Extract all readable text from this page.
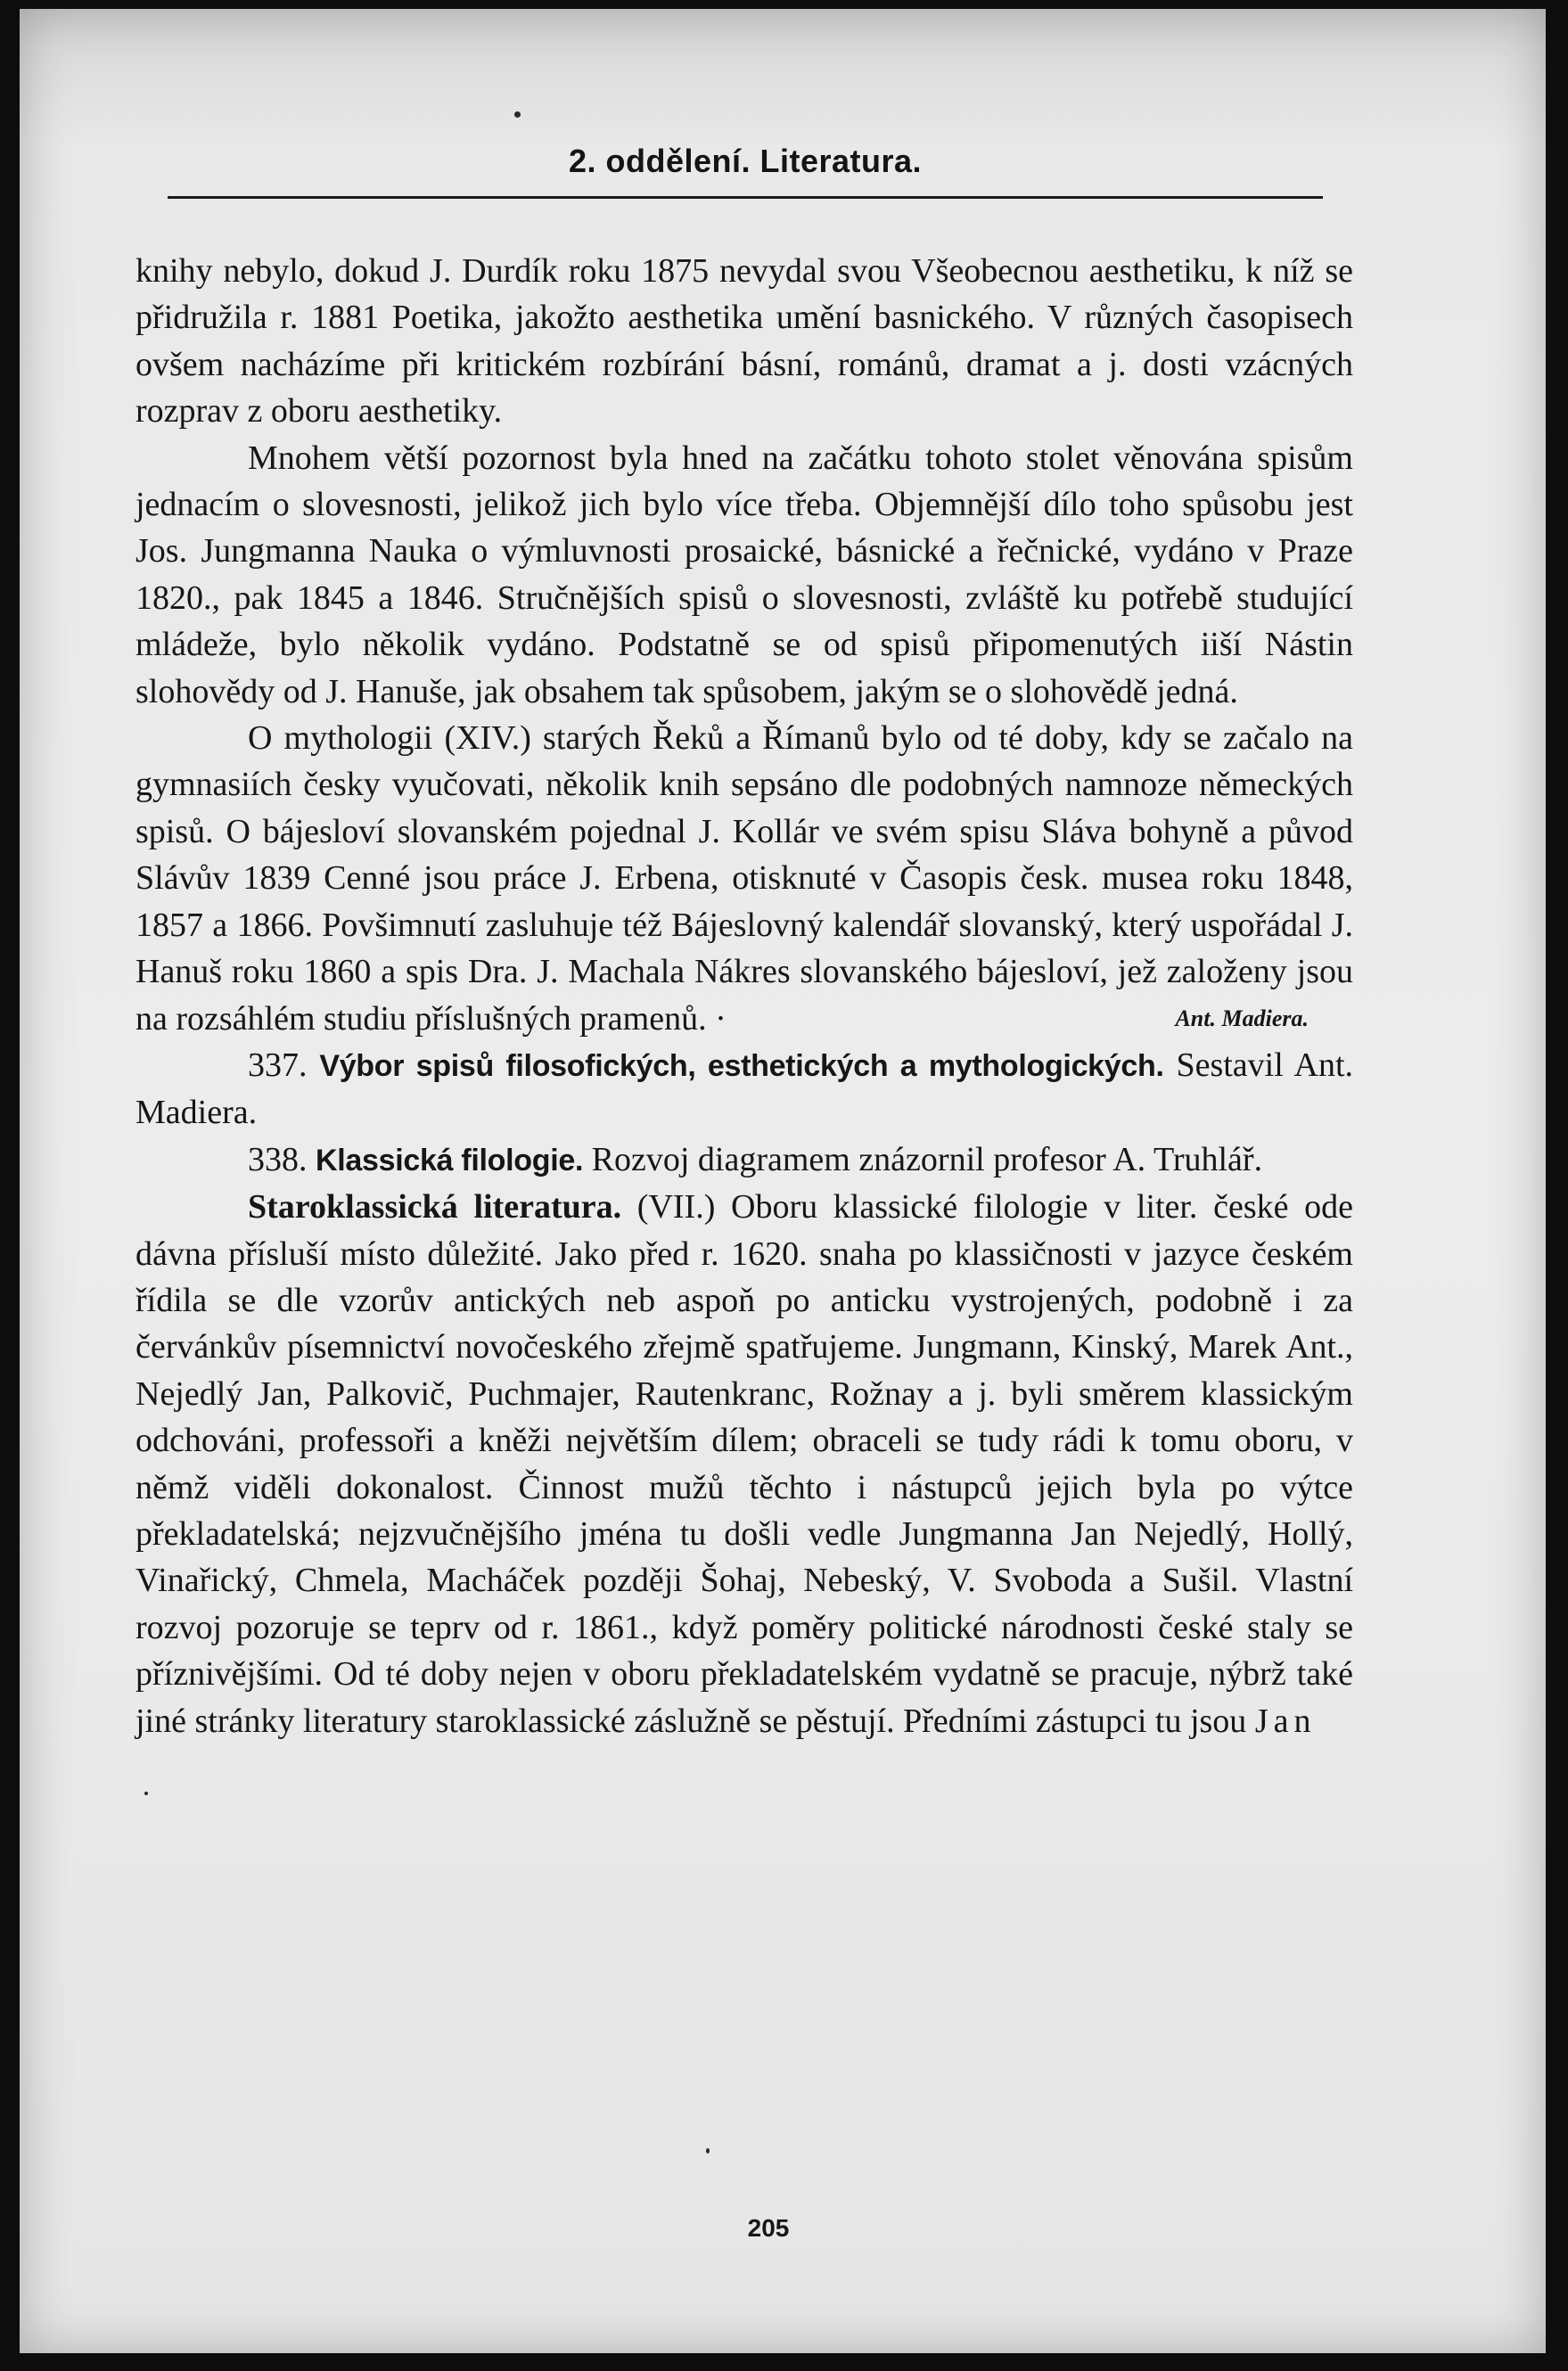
2. oddělení. Literatura.

knihy nebylo, dokud J. Durdík roku 1875 nevydal svou Všeobecnou aesthetiku, k níž se přidružila r. 1881 Poetika, jakožto aesthetika umění basnického. V různých časopisech ovšem nacházíme při kritickém rozbírání básní, románů, dramat a j. dosti vzácných rozprav z oboru aesthetiky.

Mnohem větší pozornost byla hned na začátku tohoto stolet věnována spisům jednacím o slovesnosti, jelikož jich bylo více třeba. Objemnější dílo toho spůsobu jest Jos. Jungmanna Nauka o výmluvnosti prosaické, básnické a řečnické, vydáno v Praze 1820., pak 1845 a 1846. Stručnějších spisů o slovesnosti, zvláště ku potřebě studující mládeže, bylo několik vydáno. Podstatně se od spisů připomenutých iiší Nástin slohovědy od J. Hanuše, jak obsahem tak spůsobem, jakým se o slohovědě jedná.

O mythologii (XIV.) starých Řeků a Římanů bylo od té doby, kdy se začalo na gymnasiích česky vyučovati, několik knih sepsáno dle podobných namnoze německých spisů. O bájesloví slovanském pojednal J. Kollár ve svém spisu Sláva bohyně a původ Slávův 1839 Cenné jsou práce J. Erbena, otisknuté v Časopis česk. musea roku 1848, 1857 a 1866. Povšimnutí zasluhuje též Bájeslovný kalendář slovanský, který uspořádal J. Hanuš roku 1860 a spis Dra. J. Machala Nákres slovanského bájesloví, jež založeny jsou na rozsáhlém studiu příslušných pramenů. ·	Ant. Madiera.

337. Výbor spisů filosofických, esthetických a mythologických. Sestavil Ant. Madiera.

338. Klassická filologie. Rozvoj diagramem znázornil profesor A. Truhlář.

Staroklassická literatura. (VII.) Oboru klassické filologie v liter. české ode dávna přísluší místo důležité. Jako před r. 1620. snaha po klassičnosti v jazyce českém řídila se dle vzorův antických neb aspoň po anticku vystrojených, podobně i za červánkův písemnictví novočeského zřejmě spatřujeme. Jungmann, Kinský, Marek Ant., Nejedlý Jan, Palkovič, Puchmajer, Rautenkranc, Rožnay a j. byli směrem klassickým odchováni, professoři a kněži největším dílem; obraceli se tudy rádi k tomu oboru, v němž viděli dokonalost. Činnost mužů těchto i nástupců jejich byla po výtce překladatelská; nejzvučnějšího jména tu došli vedle Jungmanna Jan Nejedlý, Hollý, Vinařický, Chmela, Macháček později Šohaj, Nebeský, V. Svoboda a Sušil. Vlastní rozvoj pozoruje se teprv od r. 1861., když poměry politické národnosti české staly se příznivějšími. Od té doby nejen v oboru překladatelském vydatně se pracuje, nýbrž také jiné stránky literatury staroklassické záslužně se pěstují. Předními zástupci tu jsou Jan

205
